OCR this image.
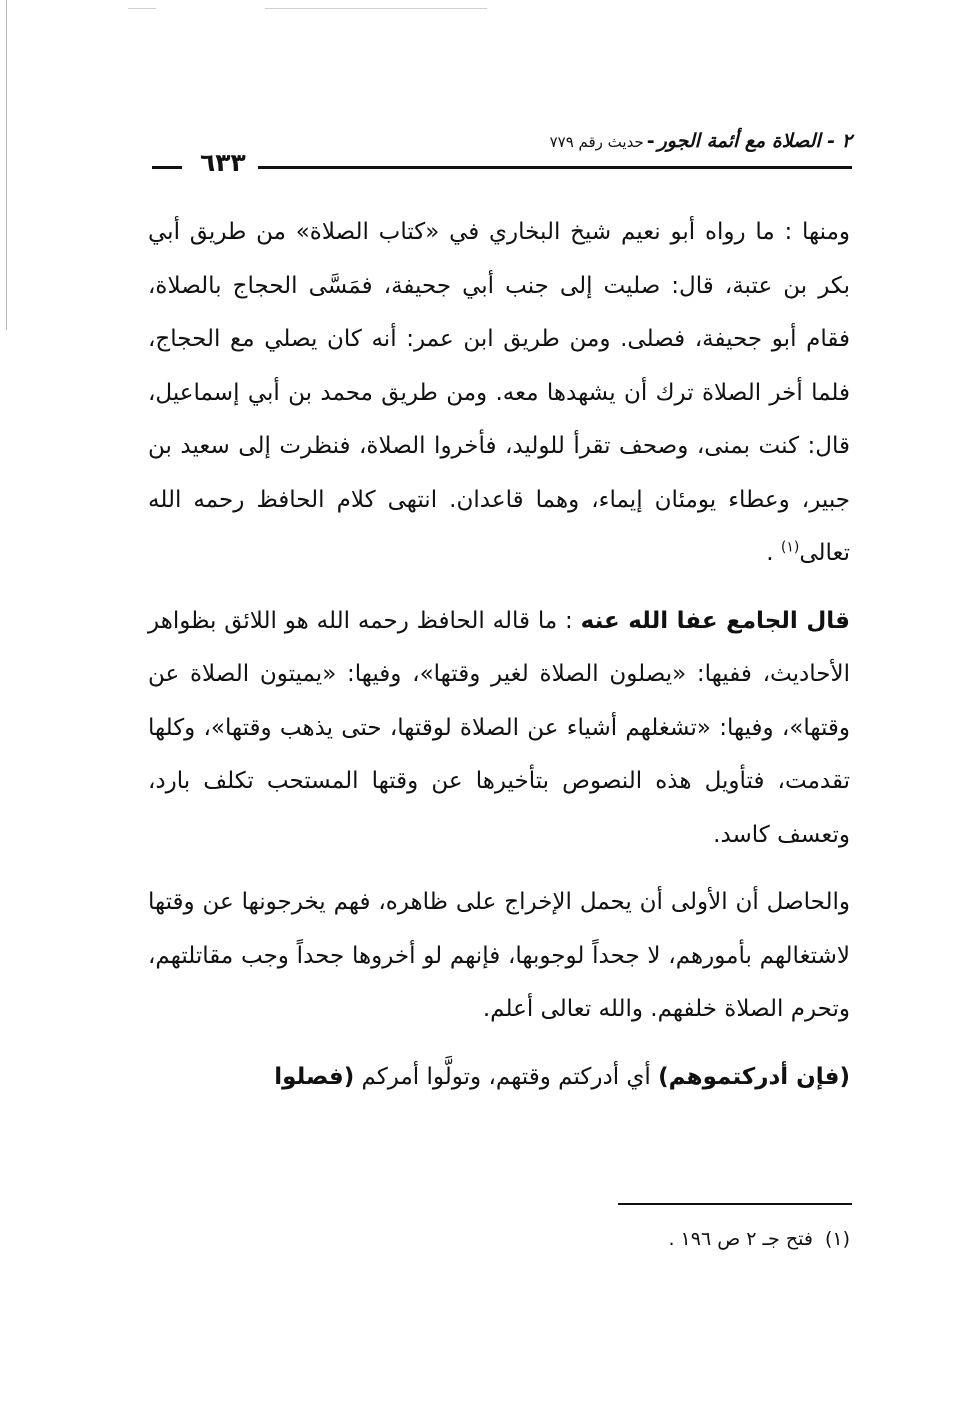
٢ - الصلاة مع أئمة الجور-حديث رقم ٧٧٩
٦٣٣

ومنها : ما رواه أبو نعيم شيخ البخاري في «كتاب الصلاة» من طريق أبي بكر بن عتبة، قال: صليت إلى جنب أبي جحيفة، فمَسَّى الحجاج بالصلاة، فقام أبو جحيفة، فصلى. ومن طريق ابن عمر: أنه كان يصلي مع الحجاج، فلما أخر الصلاة ترك أن يشهدها معه. ومن طريق محمد بن أبي إسماعيل، قال: كنت بمنى، وصحف تقرأ للوليد، فأخروا الصلاة، فنظرت إلى سعيد بن جبير، وعطاء يومئان إيماء، وهما قاعدان. انتهى كلام الحافظ رحمه الله تعالى$^{(١)}$ .

قال الجامع عفا الله عنه : ما قاله الحافظ رحمه الله هو اللائق بظواهر الأحاديث، ففيها: «يصلون الصلاة لغير وقتها»، وفيها: «يميتون الصلاة عن وقتها»، وفيها: «تشغلهم أشياء عن الصلاة لوقتها، حتى يذهب وقتها»، وكلها تقدمت، فتأويل هذه النصوص بتأخيرها عن وقتها المستحب تكلف بارد، وتعسف كاسد.

والحاصل أن الأولى أن يحمل الإخراج على ظاهره، فهم يخرجونها عن وقتها لاشتغالهم بأمورهم، لا جحداً لوجوبها، فإنهم لو أخروها جحداً وجب مقاتلتهم، وتحرم الصلاة خلفهم. والله تعالى أعلم.

(فإن أدركتموهم) أي أدركتم وقتهم، وتولَّوا أمركم (فصلوا

(١)فتح جـ ٢ ص ١٩٦ .
